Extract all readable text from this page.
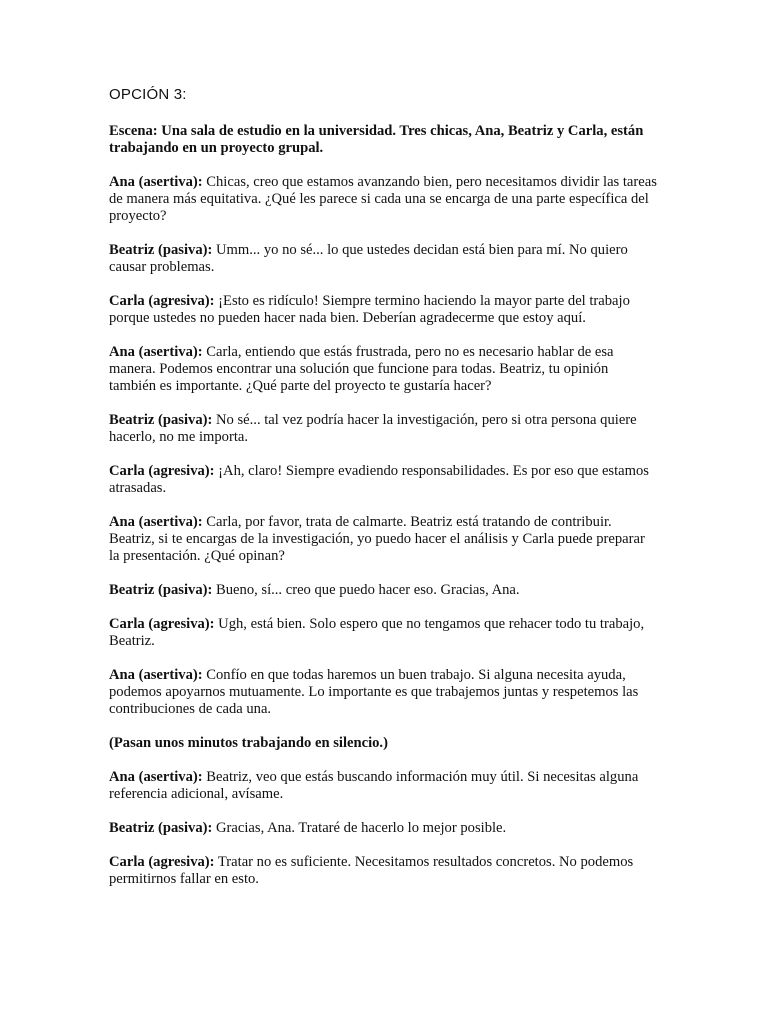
OPCIÓN 3:

Escena: Una sala de estudio en la universidad. Tres chicas, Ana, Beatriz y Carla, están trabajando en un proyecto grupal.

Ana (asertiva): Chicas, creo que estamos avanzando bien, pero necesitamos dividir las tareas de manera más equitativa. ¿Qué les parece si cada una se encarga de una parte específica del proyecto?

Beatriz (pasiva): Umm... yo no sé... lo que ustedes decidan está bien para mí. No quiero causar problemas.

Carla (agresiva): ¡Esto es ridículo! Siempre termino haciendo la mayor parte del trabajo porque ustedes no pueden hacer nada bien. Deberían agradecerme que estoy aquí.

Ana (asertiva): Carla, entiendo que estás frustrada, pero no es necesario hablar de esa manera. Podemos encontrar una solución que funcione para todas. Beatriz, tu opinión también es importante. ¿Qué parte del proyecto te gustaría hacer?

Beatriz (pasiva): No sé... tal vez podría hacer la investigación, pero si otra persona quiere hacerlo, no me importa.

Carla (agresiva): ¡Ah, claro! Siempre evadiendo responsabilidades. Es por eso que estamos atrasadas.

Ana (asertiva): Carla, por favor, trata de calmarte. Beatriz está tratando de contribuir. Beatriz, si te encargas de la investigación, yo puedo hacer el análisis y Carla puede preparar la presentación. ¿Qué opinan?

Beatriz (pasiva): Bueno, sí... creo que puedo hacer eso. Gracias, Ana.

Carla (agresiva): Ugh, está bien. Solo espero que no tengamos que rehacer todo tu trabajo, Beatriz.

Ana (asertiva): Confío en que todas haremos un buen trabajo. Si alguna necesita ayuda, podemos apoyarnos mutuamente. Lo importante es que trabajemos juntas y respetemos las contribuciones de cada una.

(Pasan unos minutos trabajando en silencio.)

Ana (asertiva): Beatriz, veo que estás buscando información muy útil. Si necesitas alguna referencia adicional, avísame.

Beatriz (pasiva): Gracias, Ana. Trataré de hacerlo lo mejor posible.

Carla (agresiva): Tratar no es suficiente. Necesitamos resultados concretos. No podemos permitirnos fallar en esto.
